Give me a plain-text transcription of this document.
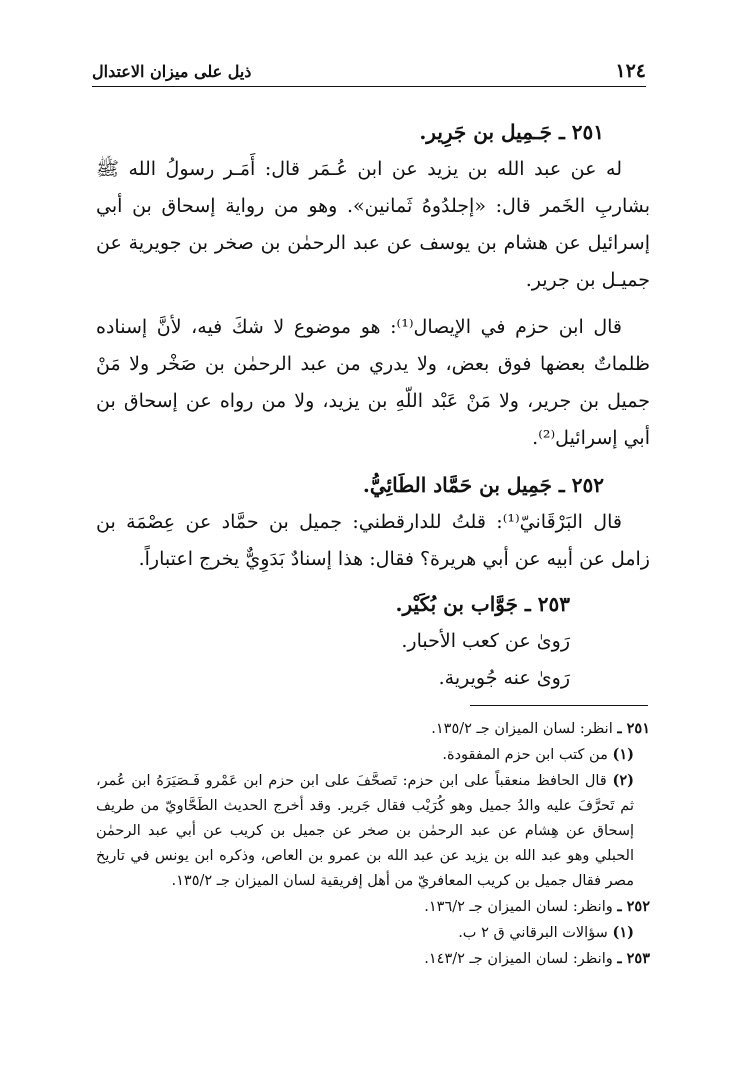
١٢٤
ذيل على ميزان الاعتدال

٢٥١ ـ جَـمِيل بن جَرِير.

له عن عبد الله بن يزيد عن ابن عُـمَر قال: أَمَـر رسولُ الله ﷺ بشاربِ الخَمر قال: «إجلدُوهُ ثَمانين». وهو من رواية إسحاق بن أبي إسرائيل عن هشام بن يوسف عن عبد الرحمٰن بن صخر بن جويرية عن جميـل بن جرير.

قال ابن حزم في الإيصال⁽¹⁾: هو موضوع لا شكَ فيه، لأنَّ إسناده ظلماتٌ بعضها فوق بعض، ولا يدري من عبد الرحمٰن بن صَخْر ولا مَنْ جميل بن جرير، ولا مَنْ عَبْد اللّهِ بن يزيد، ولا من رواه عن إسحاق بن أبي إسرائيل⁽²⁾.

٢٥٢ ـ جَمِيل بن حَمَّاد الطَائِيُّ.

قال البَرْقَانيّ⁽¹⁾: قلتُ للدارقطني: جميل بن حمَّاد عن عِصْمَة بن زامل عن أبيه عن أبي هريرة؟ فقال: هذا إسنادٌ بَدَوِيٌّ يخرج اعتباراً.

٢٥٣ ـ جَوَّاب بن بُكَيْر.

رَوىٰ عن كعب الأحبار.

رَوىٰ عنه جُويرية.

٢٥١ ـ انظر: لسان الميزان جـ ١٣٥/٢.

(١) من كتب ابن حزم المفقودة.

(٢) قال الحافظ منعقباً على ابن حزم: تَصحَّفَ على ابن حزم ابن عَمْرو فَـصَيَرَهُ ابن عُمر، ثم تَحرَّفَ عليه والدُ جميل وهو كُرَيْب فقال جَرير. وقد أخرج الحديث الطَحَّاويّ من طريف إسحاق عن هِشام عن عبد الرحمٰن بن صخر عن جميل بن كريب عن أبي عبد الرحمٰن الحبلي وهو عبد الله بن يزيد عن عبد الله بن عمرو بن العاص، وذكره ابن يونس في تاريخ مصر فقال جميل بن كريب المعافريّ من أهل إفريقية لسان الميزان جـ ١٣٥/٢.

٢٥٢ ـ وانظر: لسان الميزان جـ ١٣٦/٢.

(١) سؤالات البرقاني ق ٢ ب.

٢٥٣ ـ وانظر: لسان الميزان جـ ١٤٣/٢.
